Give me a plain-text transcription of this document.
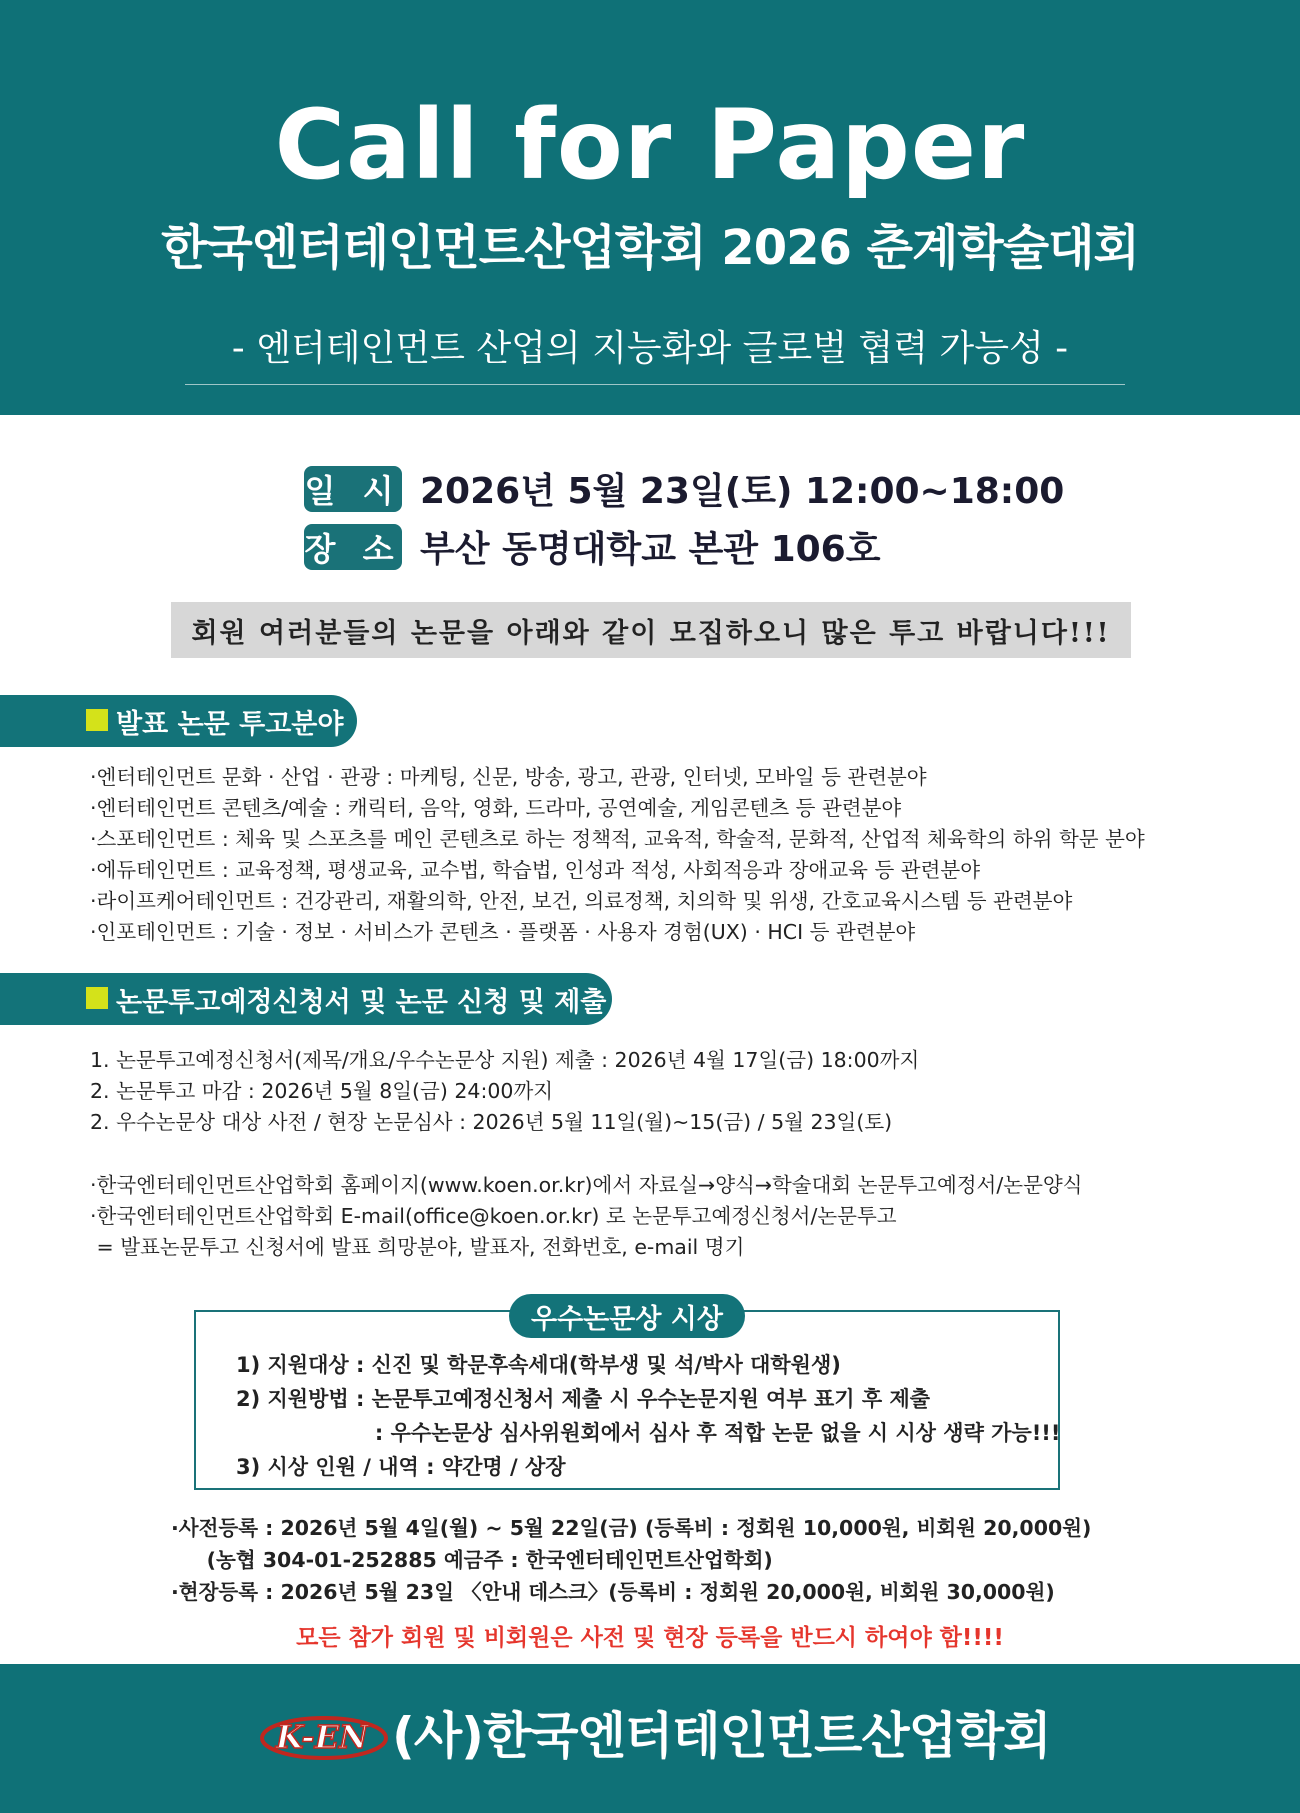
Call for Paper
한국엔터테인먼트산업학회 2026 춘계학술대회
- 엔터테인먼트 산업의 지능화와 글로벌 협력 가능성 -
일 시 2026년 5월 23일(토) 12:00~18:00
장 소 부산 동명대학교 본관 106호
회원 여러분들의 논문을 아래와 같이 모집하오니 많은 투고 바랍니다!!!
발표 논문 투고분야
·엔터테인먼트 문화 · 산업 · 관광 : 마케팅, 신문, 방송, 광고, 관광, 인터넷, 모바일 등 관련분야
·엔터테인먼트 콘텐츠/예술 : 캐릭터, 음악, 영화, 드라마, 공연예술, 게임콘텐츠 등 관련분야
·스포테인먼트 : 체육 및 스포츠를 메인 콘텐츠로 하는 정책적, 교육적, 학술적, 문화적, 산업적 체육학의 하위 학문 분야
·에듀테인먼트 : 교육정책, 평생교육, 교수법, 학습법, 인성과 적성, 사회적응과 장애교육 등 관련분야
·라이프케어테인먼트 : 건강관리, 재활의학, 안전, 보건, 의료정책, 치의학 및 위생, 간호교육시스템 등 관련분야
·인포테인먼트 : 기술 · 정보 · 서비스가 콘텐츠 · 플랫폼 · 사용자 경험(UX) · HCI 등 관련분야
논문투고예정신청서 및 논문 신청 및 제출
1. 논문투고예정신청서(제목/개요/우수논문상 지원) 제출 : 2026년 4월 17일(금) 18:00까지
2. 논문투고 마감 : 2026년 5월 8일(금) 24:00까지
2. 우수논문상 대상 사전 / 현장 논문심사 : 2026년 5월 11일(월)~15(금) / 5월 23일(토)
·한국엔터테인먼트산업학회 홈페이지(www.koen.or.kr)에서 자료실→양식→학술대회 논문투고예정서/논문양식
·한국엔터테인먼트산업학회 E-mail(office@koen.or.kr) 로 논문투고예정신청서/논문투고
= 발표논문투고 신청서에 발표 희망분야, 발표자, 전화번호, e-mail 명기
우수논문상 시상
1) 지원대상 : 신진 및 학문후속세대(학부생 및 석/박사 대학원생)
2) 지원방법 : 논문투고예정신청서 제출 시 우수논문지원 여부 표기 후 제출
: 우수논문상 심사위원회에서 심사 후 적합 논문 없을 시 시상 생략 가능!!!
3) 시상 인원 / 내역 : 약간명 / 상장
·사전등록 : 2026년 5월 4일(월) ~ 5월 22일(금) (등록비 : 정회원 10,000원, 비회원 20,000원)
(농협 304-01-252885 예금주 : 한국엔터테인먼트산업학회)
·현장등록 : 2026년 5월 23일 〈안내 데스크〉(등록비 : 정회원 20,000원, 비회원 30,000원)
모든 참가 회원 및 비회원은 사전 및 현장 등록을 반드시 하여야 함!!!!
K-EN (사)한국엔터테인먼트산업학회
